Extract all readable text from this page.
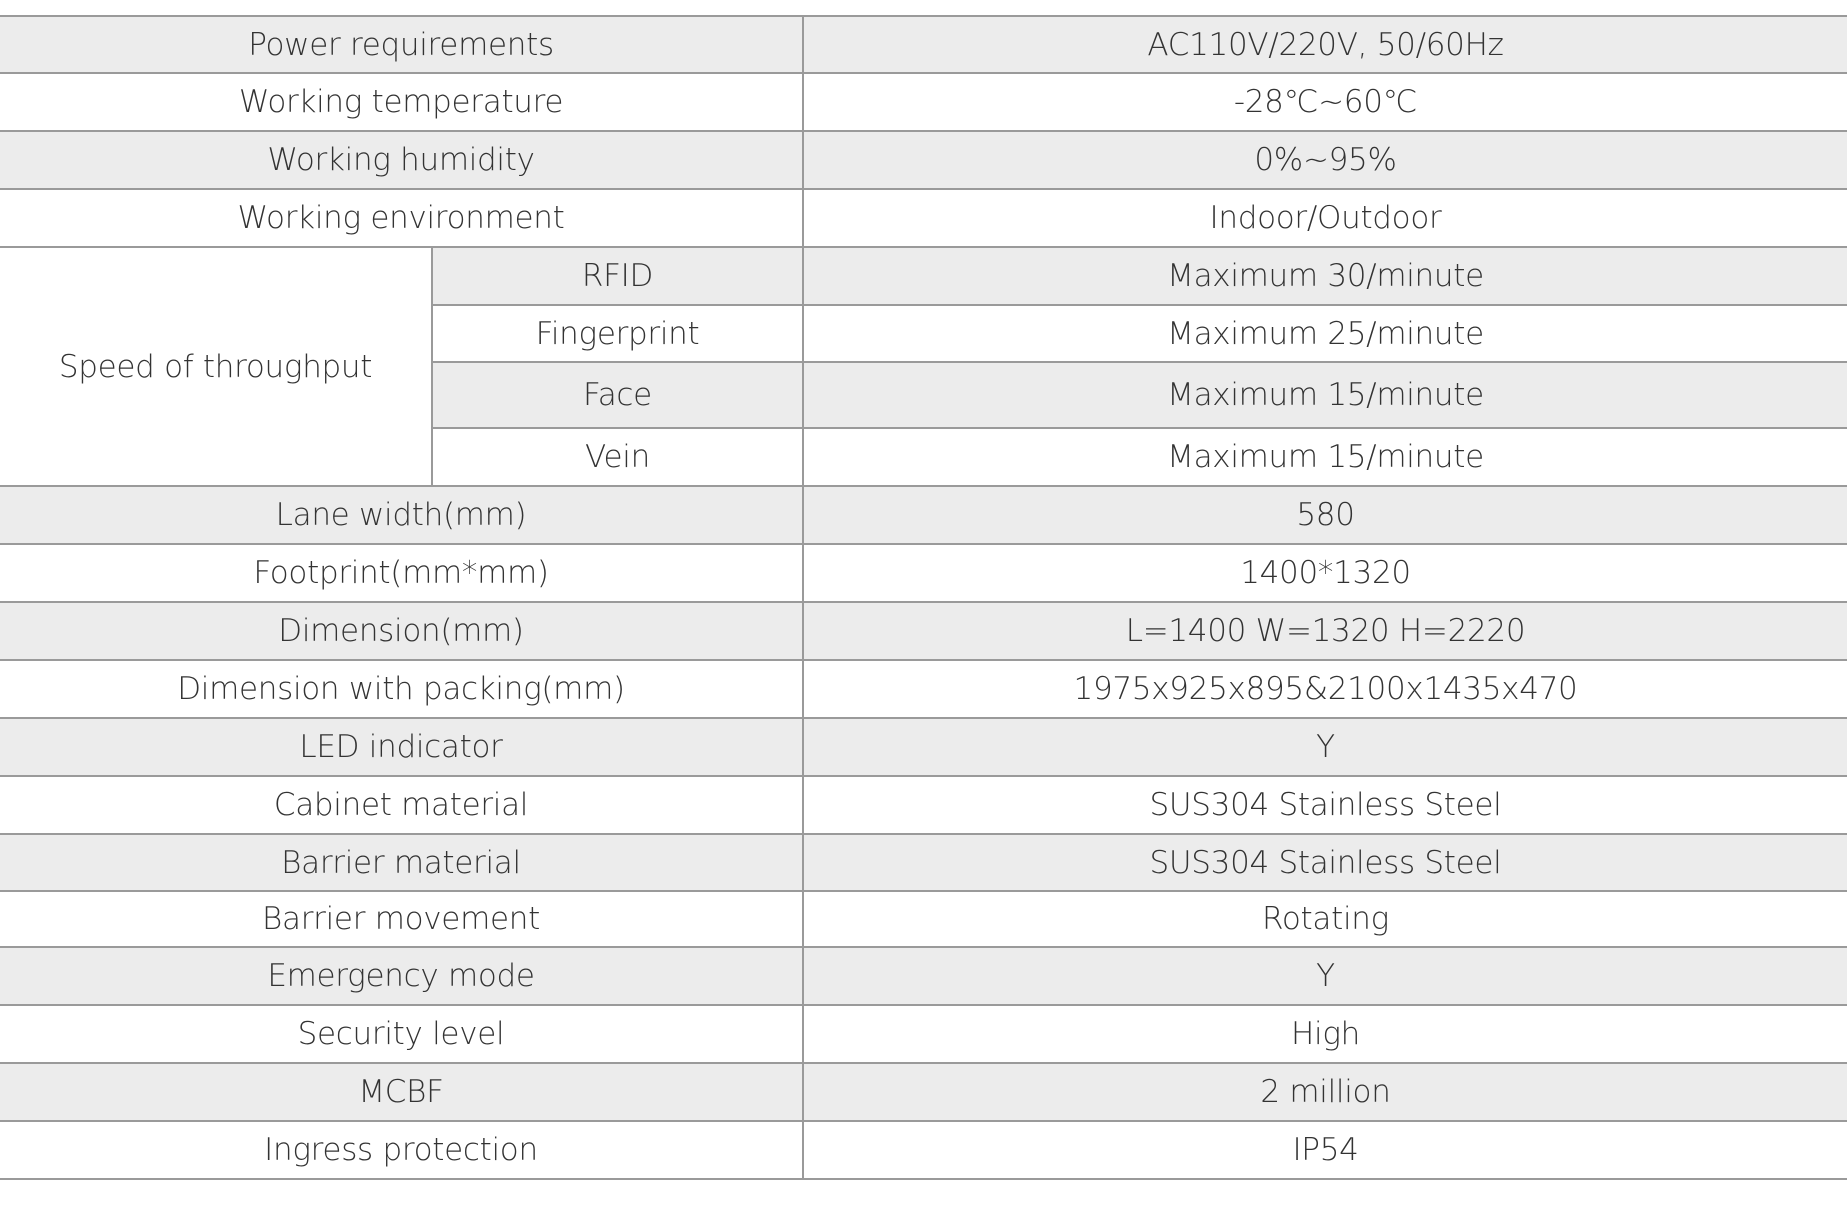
Power requirements		AC110V/220V, 50/60Hz
Working temperature		-28℃~60℃
Working humidity		0%~95%
Working environment		Indoor/Outdoor
Speed of throughput	RFID	Maximum 30/minute
	Fingerprint	Maximum 25/minute
	Face	Maximum 15/minute
	Vein	Maximum 15/minute
Lane width(mm)		580
Footprint(mm*mm)		1400*1320
Dimension(mm)		L=1400 W=1320 H=2220
Dimension with packing(mm)		1975x925x895&2100x1435x470
LED indicator		Y
Cabinet material		SUS304 Stainless Steel
Barrier material		SUS304 Stainless Steel
Barrier movement		Rotating
Emergency mode		Y
Security level		High
MCBF		2 million
Ingress protection		IP54
